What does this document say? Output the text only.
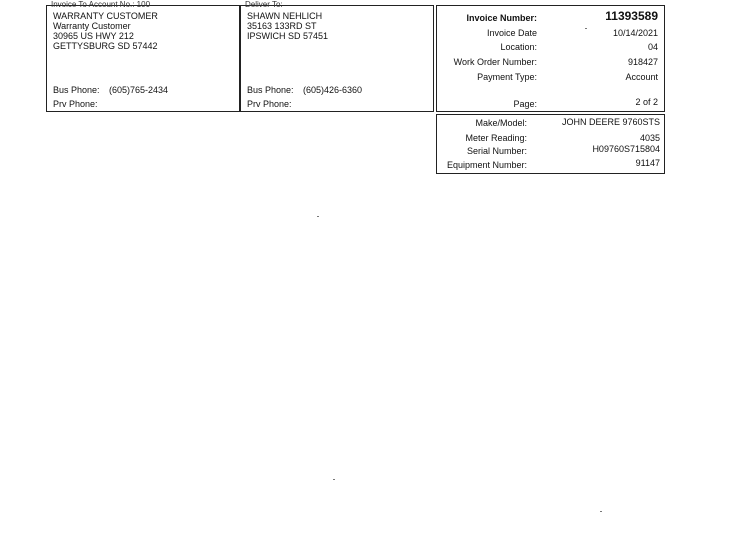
Invoice To Account No.: 100
WARRANTY CUSTOMER
Warranty Customer
30965 US HWY 212
GETTYSBURG SD 57442
Bus Phone: (605)765-2434
Prv Phone:
Deliver To:
SHAWN NEHLICH
35163 133RD ST
IPSWICH SD 57451
Bus Phone: (605)426-6360
Prv Phone:
Invoice Number:	11393589
Invoice Date	10/14/2021
Location:	04
Work Order Number:	918427
Payment Type:	Account
Page:	2 of 2
Make/Model:	JOHN DEERE 9760STS
Meter Reading:	4035
Serial Number:	H09760S715804
Equipment Number:	91147
